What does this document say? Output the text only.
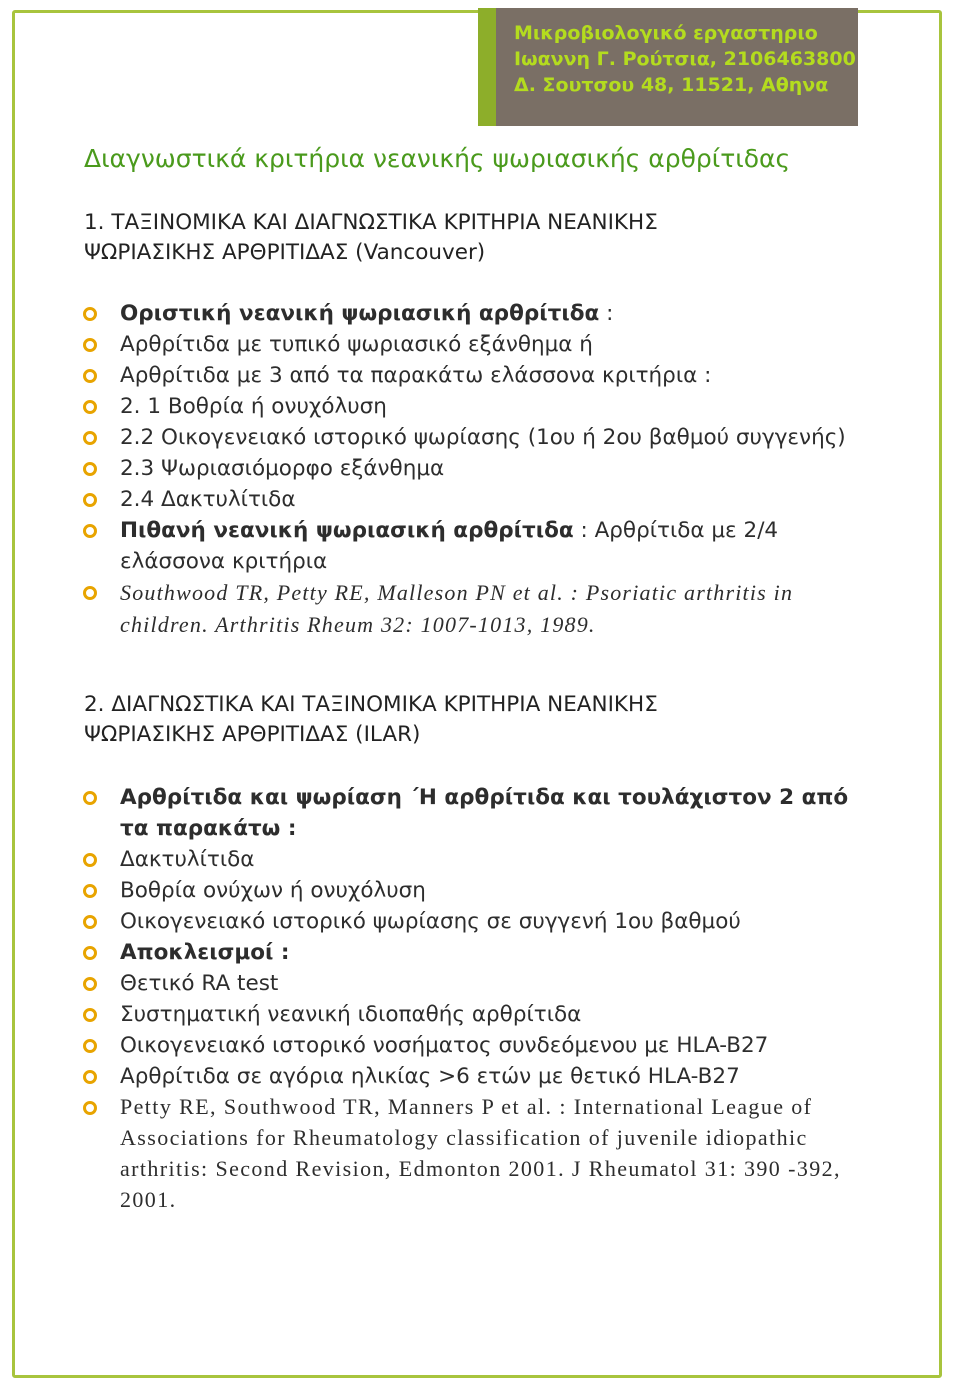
Μικροβιολογικό εργαστηριο
Ιωαννη Γ. Ρούτσια, 2106463800
Δ. Σουτσου 48, 11521, Αθηνα
Διαγνωστικά κριτήρια νεανικής ψωριασικής αρθρίτιδας
1. ΤΑΞΙΝΟΜΙΚΑ ΚΑΙ ΔΙΑΓΝΩΣΤΙΚΑ ΚΡΙΤΗΡΙΑ ΝΕΑΝΙΚΗΣ
ΨΩΡΙΑΣΙΚΗΣ ΑΡΘΡΙΤΙΔΑΣ (Vancouver)
Οριστική νεανική ψωριασική αρθρίτιδα :
Αρθρίτιδα με τυπικό ψωριασικό εξάνθημα ή
Αρθρίτιδα με 3 από τα παρακάτω ελάσσονα κριτήρια :
2. 1 Βοθρία ή ονυχόλυση
2.2 Οικογενειακό ιστορικό ψωρίασης (1ου ή 2ου βαθμού συγγενής)
2.3 Ψωριασιόμορφο εξάνθημα
2.4 Δακτυλίτιδα
Πιθανή νεανική ψωριασική αρθρίτιδα : Αρθρίτιδα με 2/4 ελάσσονα κριτήρια
Southwood TR, Petty RE, Malleson PN et al. : Psoriatic arthritis in children. Arthritis Rheum 32: 1007-1013, 1989.
2. ΔΙΑΓΝΩΣΤΙΚΑ ΚΑΙ ΤΑΞΙΝΟΜΙΚΑ ΚΡΙΤΗΡΙΑ ΝΕΑΝΙΚΗΣ
ΨΩΡΙΑΣΙΚΗΣ ΑΡΘΡΙΤΙΔΑΣ (ILAR)
Αρθρίτιδα και ψωρίαση ΄Η αρθρίτιδα και τουλάχιστον 2 από τα παρακάτω :
Δακτυλίτιδα
Βοθρία ονύχων ή ονυχόλυση
Οικογενειακό ιστορικό ψωρίασης σε συγγενή 1ου βαθμού
Αποκλεισμοί :
Θετικό RA test
Συστηματική νεανική ιδιοπαθής αρθρίτιδα
Οικογενειακό ιστορικό νοσήματος συνδεόμενου με HLA-B27
Αρθρίτιδα σε αγόρια ηλικίας >6 ετών με θετικό HLA-B27
Petty RE, Southwood TR, Manners P et al. : International League of Associations for Rheumatology classification of juvenile idiopathic arthritis: Second Revision, Edmonton 2001. J Rheumatol 31: 390 -392, 2001.
